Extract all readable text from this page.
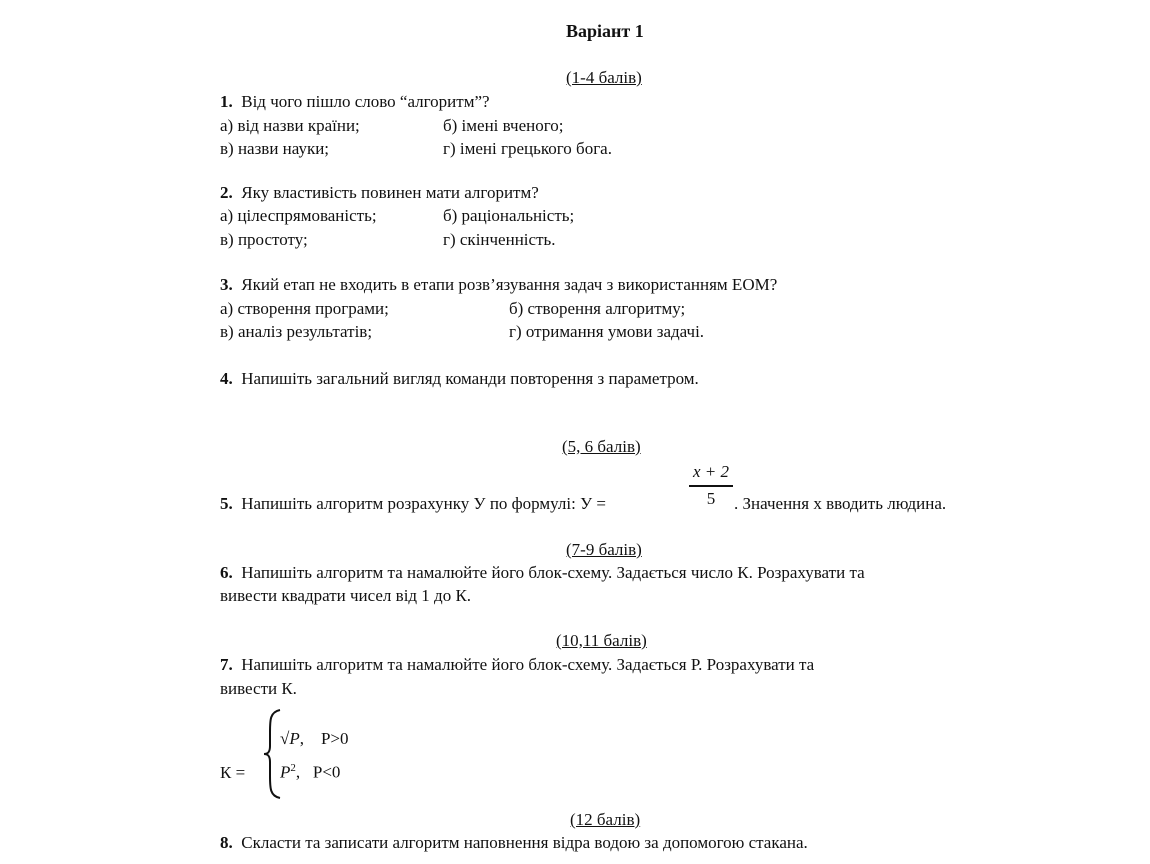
Варіант 1
(1-4 балів)
1. Від чого пішло слово “алгоритм”?
а) від назви країни;	б) імені вченого;
в) назви науки;	г) імені грецького бога.
2. Яку властивість повинен мати алгоритм?
а) цілеспрямованість;	б) раціональність;
в) простоту;	г) скінченність.
3. Який етап не входить в етапи розв’язування задач з використанням ЕОМ?
а) створення програми;	б) створення алгоритму;
в) аналіз результатів;	г) отримання умови задачі.
4. Напишіть загальний вигляд команди повторення з параметром.
(5, 6 балів)
5. Напишіть алгоритм розрахунку У по формулі: У =
x + 2
5	. Значення х вводить людина.
(7-9 балів)
6. Напишіть алгоритм та намалюйте його блок-схему. Задається число К. Розрахувати та
вивести квадрати чисел від 1 до К.
(10,11 балів)
7. Напишіть алгоритм та намалюйте його блок-схему. Задається Р. Розрахувати та
вивести К.
К =
√P,    P>0
$P^2$,   P<0
(12 балів)
8. Скласти та записати алгоритм наповнення відра водою за допомогою стакана.
